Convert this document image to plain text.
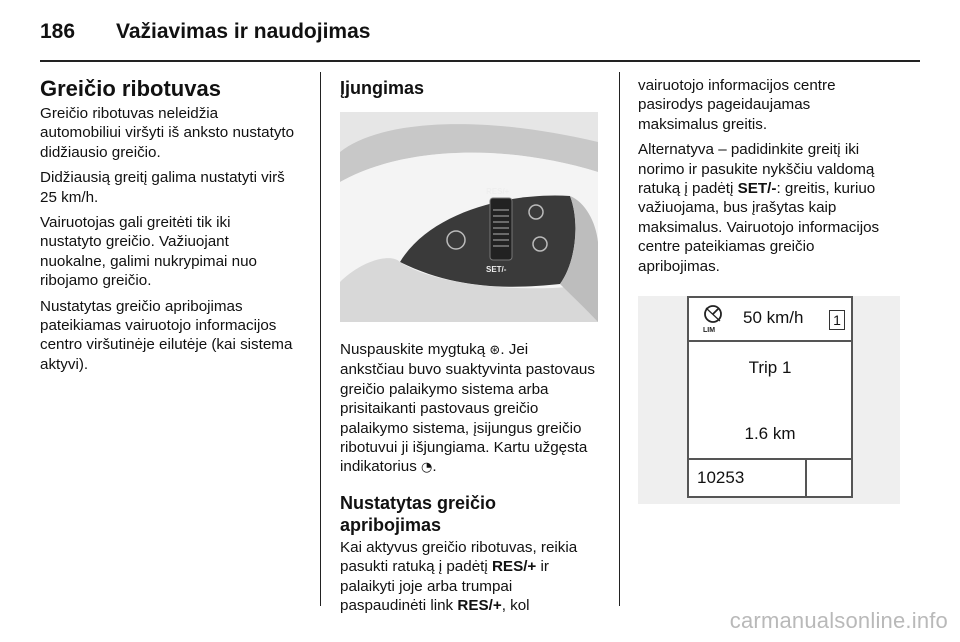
186 Važiavimas ir naudojimas
Greičio ribotuvas

Greičio ribotuvas neleidžia
automobiliui viršyti iš anksto nustatyto
didžiausio greičio.

Didžiausią greitį galima nustatyti virš
25 km/h.

Vairuotojas gali greitėti tik iki
nustatyto greičio. Važiuojant
nuokalne, galimi nukrypimai nuo
ribojamo greičio.

Nustatytas greičio apribojimas
pateikiamas vairuotojo informacijos
centro viršutinėje eilutėje (kai sistema
aktyvi).

Įjungimas
RES/+
SET/-

Nuspauskite mygtuką ⊛. Jei
ankstčiau buvo suaktyvinta pastovaus
greičio palaikymo sistema arba
prisitaikanti pastovaus greičio
palaikymo sistema, įsijungus greičio
ribotuvui ji išjungiama. Kartu užgęsta
indikatorius ◔.

Nustatytas greičio apribojimas

Kai aktyvus greičio ribotuvas, reikia
pasukti ratuką į padėtį RES/+ ir
palaikyti joje arba trumpai
paspaudinėti link RES/+, kol

vairuotojo informacijos centre
pasirodys pageidaujamas
maksimalus greitis.

Alternatyva – padidinkite greitį iki
norimo ir pasukite nykščiu valdomą
ratuką į padėtį SET/-: greitis, kuriuo
važiuojama, bus įrašytas kaip
maksimalus. Vairuotojo informacijos
centre pateikiamas greičio
apribojimas.

LIM
50 km/h 1
Trip 1
1.6 km
10253
carmanualsonline.info
